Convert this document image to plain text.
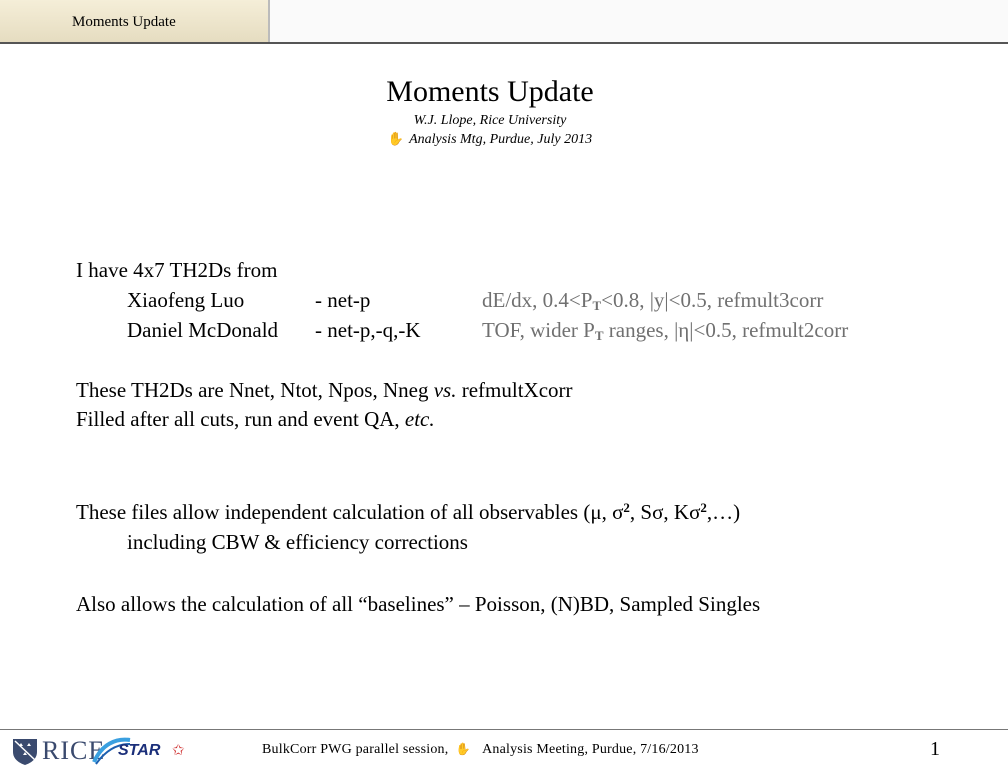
Moments Update
Moments Update
W.J. Llope, Rice University
✋ Analysis Mtg, Purdue, July 2013
I have 4x7 TH2Ds from
Xiaofeng Luo	- net-p	dE/dx, $0.4<P_T<0.8$, |y|<0.5, refmult3corr
Daniel McDonald - net-p,-q,-K	TOF, wider $P_T$ ranges, |η|<0.5, refmult2corr
These TH2Ds are Nnet, Ntot, Npos, Nneg vs. refmultXcorr
Filled after all cuts, run and event QA, etc.
These files allow independent calculation of all observables (μ, $\sigma^2$, Sσ, $K\sigma^2,\dots$)
including CBW & efficiency corrections
Also allows the calculation of all “baselines” – Poisson, (N)BD, Sampled Singles
RICE STAR ✩	BulkCorr PWG parallel session, ✋ Analysis Meeting, Purdue, 7/16/2013	1
